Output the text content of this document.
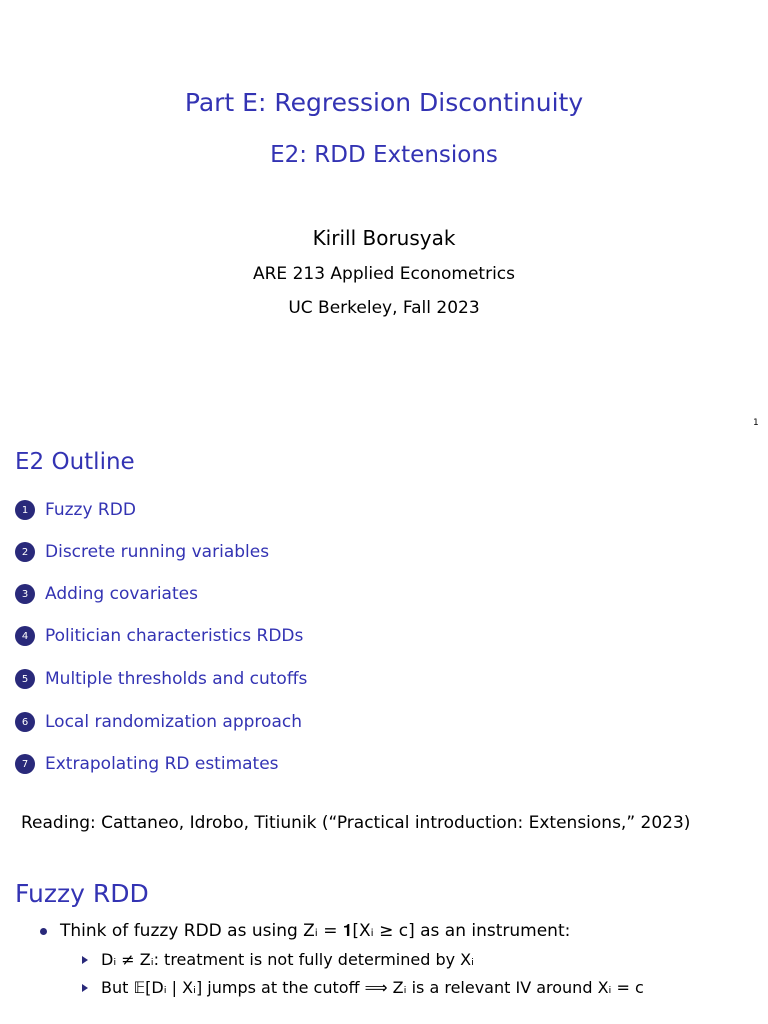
Part E: Regression Discontinuity
E2: RDD Extensions
Kirill Borusyak
ARE 213 Applied Econometrics
UC Berkeley, Fall 2023
1
E2 Outline
1 Fuzzy RDD
2 Discrete running variables
3 Adding covariates
4 Politician characteristics RDDs
5 Multiple thresholds and cutoffs
6 Local randomization approach
7 Extrapolating RD estimates
Reading: Cattaneo, Idrobo, Titiunik (“Practical introduction: Extensions,” 2023)
Fuzzy RDD
Think of fuzzy RDD as using Zᵢ = 𝟏[Xᵢ ≥ c] as an instrument:
Dᵢ ≠ Zᵢ: treatment is not fully determined by Xᵢ
But 𝔼[Dᵢ | Xᵢ] jumps at the cutoff ⟹ Zᵢ is a relevant IV around Xᵢ = c
